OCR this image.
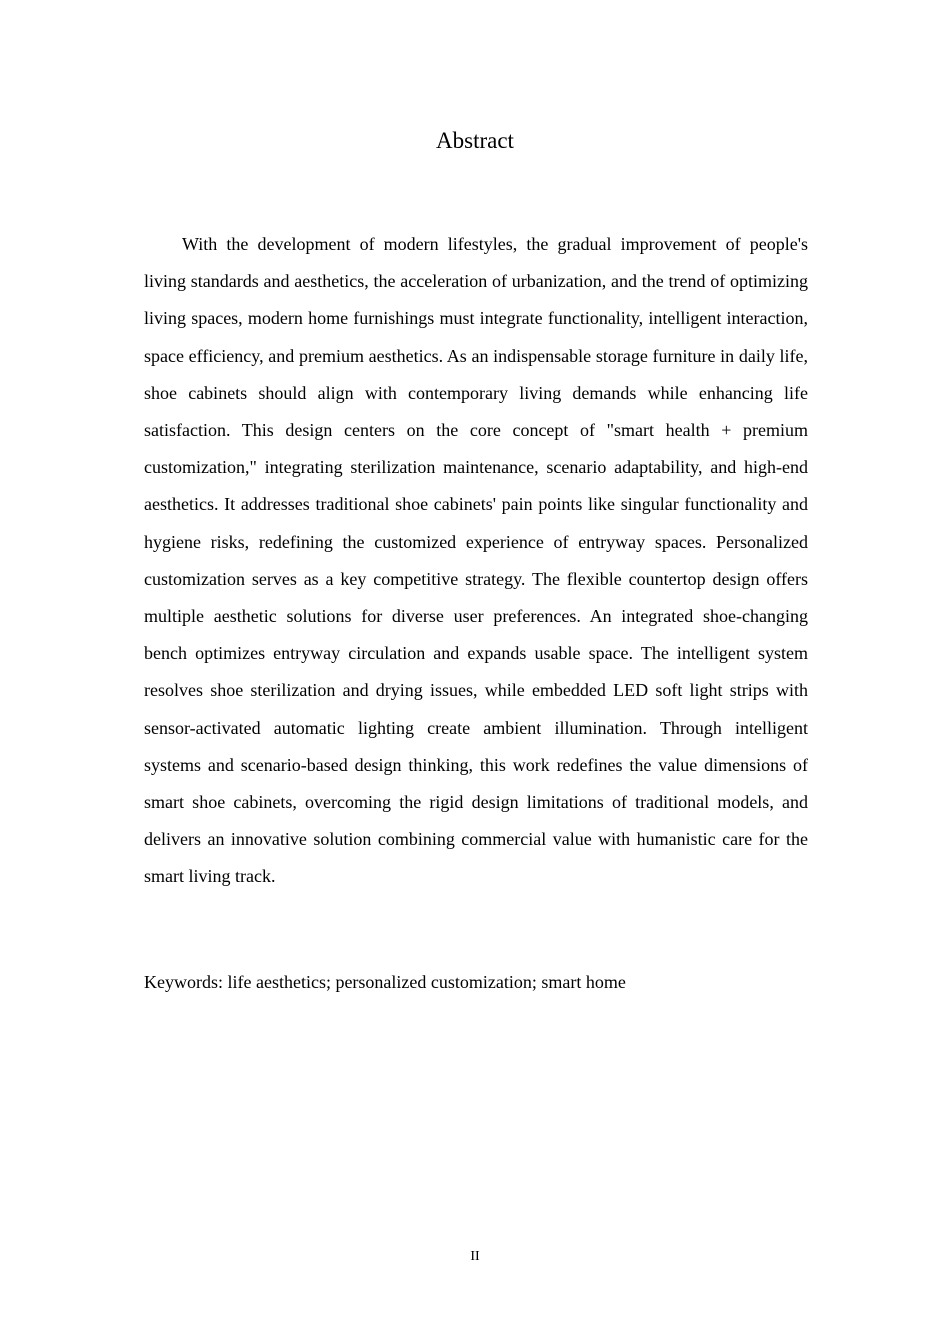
Abstract

With the development of modern lifestyles, the gradual improvement of people's living standards and aesthetics, the acceleration of urbanization, and the trend of optimizing living spaces, modern home furnishings must integrate functionality, intelligent interaction, space efficiency, and premium aesthetics. As an indispensable storage furniture in daily life, shoe cabinets should align with contemporary living demands while enhancing life satisfaction. This design centers on the core concept of "smart health + premium customization," integrating sterilization maintenance, scenario adaptability, and high-end aesthetics. It addresses traditional shoe cabinets' pain points like singular functionality and hygiene risks, redefining the customized experience of entryway spaces. Personalized customization serves as a key competitive strategy. The flexible countertop design offers multiple aesthetic solutions for diverse user preferences. An integrated shoe-changing bench optimizes entryway circulation and expands usable space. The intelligent system resolves shoe sterilization and drying issues, while embedded LED soft light strips with sensor-activated automatic lighting create ambient illumination. Through intelligent systems and scenario-based design thinking, this work redefines the value dimensions of smart shoe cabinets, overcoming the rigid design limitations of traditional models, and delivers an innovative solution combining commercial value with humanistic care for the smart living track.

Keywords: life aesthetics; personalized customization; smart home

II
